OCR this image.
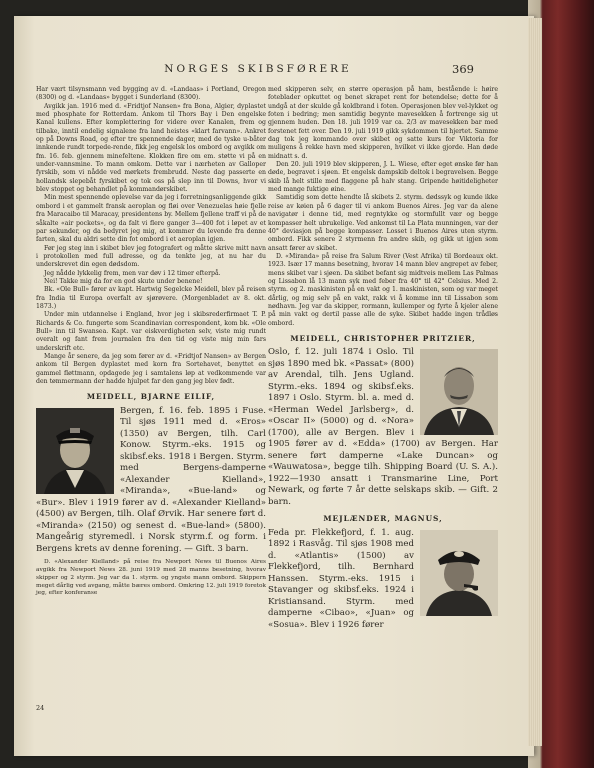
NORGES SKIBSFØRERE	369

Har vært tilsynsmann ved bygging av d. «Landaas» i Portland, Oregon (8300) og d. «Landaas» bygget i Sunderland (8300).

Avgikk jan. 1916 med d. «Fridtjof Nansen» fra Bona, Algier, dyplastet med phosphate for Rotterdam. Ankom til Thors Bay i Den engelske Kanal kullens. Efter komplettering for videre over Kanalen, frem og tilbake, inntil endelig signalene fra land heistes «klart farvann». Ankret op på Downs Road, og efter tre spennende dager, med de tyske u-båter innkende rundt torpede-rende, fikk jeg engelsk los ombord og avgikk om fm. 16. feb. gjennem minefeltene. Klokken fire om em. støtte vi på en under-vannsmine. To mann omkom. Dette var i nærheten av Galloper fyrskib, som vi nådde ved mørkets frembrudd. Neste dag passerte en hollandsk slepebåt fyrskibet og tok oss på slep inn til Downs, hvor vi blev stoppet og behandlet på kommandørskibet.

Min mest spennende oplevelse var da jeg i forretningsanliggende gikk ombord i et gammelt fransk aeroplan og fløi over Venezuelas høie fjelle fra Maracaibo til Maracay, presidentens by. Mellem fjellene traff vi på de såkalte «air pockets», og da falt vi flere ganger 3—400 fot i løpet av et par sekunder, og da bedyret jeg mig, at kommer du levende fra denne farten, skal du aldri sette din fot ombord i et aeroplan igjen.

Før jeg steg inn i skibet blev jeg fotografert og måtte skrive mitt navn i protokollen med full adresse, og da tenkte jeg, at nu har du underskrevet din egen dødsdom.

Jeg nådde lykkelig frem, men var døv i 12 timer efterpå.

Nei! Takke mig da for en god skute under benene!

Bk. «Ole Bull» fører av kapt. Hartwig Segelcke Meidell, blev på reisen fra India til Europa overfalt av sjørøvere. (Morgenbladet av 8. okt. 1873.)

Under min utdannelse i England, hvor jeg i skibsrederfirmaet T. P. Richards & Co. fungerte som Scandinavian correspondent, kom bk. «Ole Bull» inn til Swansea. Kapt. var eiskverdigheten selv, viste mig rundt overalt og fant frem journalen fra den tid og viste mig min fars underskrift etc.

Mange år senere, da jeg som fører av d. «Fridtjof Nansen» av Bergen ankom til Bergen dyplastet med korn fra Sortehavet, benyttet en gammel fløttmann, opdagede jeg i samtalens løp at vedkommende var den tømmermann der hadde hjulpet far den gang jeg blev født.

MEIDELL, BJARNE EILIF,
Bergen, f. 16. feb. 1895 i Fuse. Til sjøs 1911 med d. «Eros» (1350) av Bergen, tilh. Carl Konow. Styrm.-eks. 1915 og skibsf.eks. 1918 i Bergen. Styrm. med Bergens-damperne «Alexander Kielland», «Miranda», «Bue-land» og «Bur». Blev i 1919 fører av d. «Alexander Kielland» (4500) av Bergen, tilh. Olaf Ørvik. Har senere ført d. «Miranda» (2150) og senest d. «Bue-land» (5800). Mangeårig styremedl. i Norsk styrm.f. og form. i Bergens krets av denne forening. — Gift. 3 barn.

D. «Alexander Kielland» på reise fra Newport News til Buenos Aires avgikk fra Newport News 28. juni 1919 med 28 manns besetning, hvorav skipper og 2 styrm. Jeg var da 1. styrm. og yngste mann ombord. Skippern meget dårlig ved avgang, måtte bæres ombord. Omkring 12. juli 1919 foretok jeg, efter konferanse

med skipperen selv, en større operasjon på ham, bestående i: høire foteblader opkuttet og benet skrapet rent for betendelse; dette for å undgå at der skulde gå koldbrand i foten. Operasjonen blev vel-lykket og foten i bedring; men samtidig begynte mavesekken å fortrenge sig ut gjennem huden. Den 18. juli 1919 var ca. 2/3 av mavesekken bar med forstenet fett over. Den 19. juli 1919 gikk sykdommen til hjertet. Samme dag tok jeg kommando over skibet og satte kurs for Viktoria for muligens å rekke havn med skipperen, hvilket vi ikke gjorde. Han døde midnatt s. d.

Den 20. juli 1919 blev skipperen, J. L. Wiese, efter eget ønske før han døde, begravet i sjøen. Et engelsk dampskib deltok i begravelsen. Begge skib lå helt stille med flaggene på halv stang. Gripende høitideligheter med mange fuktige øine.

Samtidig som dette hendte lå skibets 2. styrm. dødssyk og kunde ikke reise av køien på 6 dager til vi ankom Buenos Aires. Jeg var da alene navigatør i denne tid, med regntykke og stormfullt vær og begge kompasser helt ubrukelige. Ved ankomst til La Plata munningen, var der 40° deviasjon på begge kompasser. Losset i Buenos Aires uten styrm. ombord. Fikk senere 2 styrmenn fra andre skib, og gikk ut igjen som ansatt fører av skibet.

D. «Miranda» på reise fra Salum River (Vest Afrika) til Bordeaux okt. 1923. Især 17 manns besetning, hvorav 14 mann blev angrepet av feber, mens skibet var i sjøen. Da skibet befant sig midtveis mellem Las Palmas og Lissabon lå 13 mann syk med feber fra 40° til 42° Celsius. Med 2. styrm. og 2. maskinisten på en vakt og 1. maskinisten, som og var meget dårlig, og mig selv på en vakt, rakk vi å komme inn til Lissabon som nødhavn. Jeg var da skipper, rormann, kullemper og fyrte å kjeler alene på min vakt og dertil passe alle de syke. Skibet hadde ingen trådløs ombord.

MEIDELL, CHRISTOPHER PRITZIER,
Oslo, f. 12. juli 1874 i Oslo. Til sjøs 1890 med bk. «Passat» (800) av Arendal, tilh. Jens Ugland. Styrm.-eks. 1894 og skibsf.eks. 1897 i Oslo. Styrm. bl. a. med d. «Herman Wedel Jarlsberg», d. «Oscar II» (5000) og d. «Nora» (1700), alle av Bergen. Blev i 1905 fører av d. «Edda» (1700) av Bergen. Har senere ført damperne «Lake Duncan» og «Wauwatosa», begge tilh. Shipping Board (U. S. A.). 1922—1930 ansatt i Transmarine Line, Port Newark, og førte 7 år dette selskaps skib. — Gift. 2 barn.
MEJLÆNDER, MAGNUS,
Feda pr. Flekkefjord, f. 1. aug. 1892 i Rasvåg. Til sjøs 1908 med d. «Atlantis» (1500) av Flekkefjord, tilh. Bernhard Hanssen. Styrm.-eks. 1915 i Stavanger og skibsf.eks. 1924 i Kristiansand. Styrm. med damperne «Cibao», «Juan» og «Sosua». Blev i 1926 fører
24
